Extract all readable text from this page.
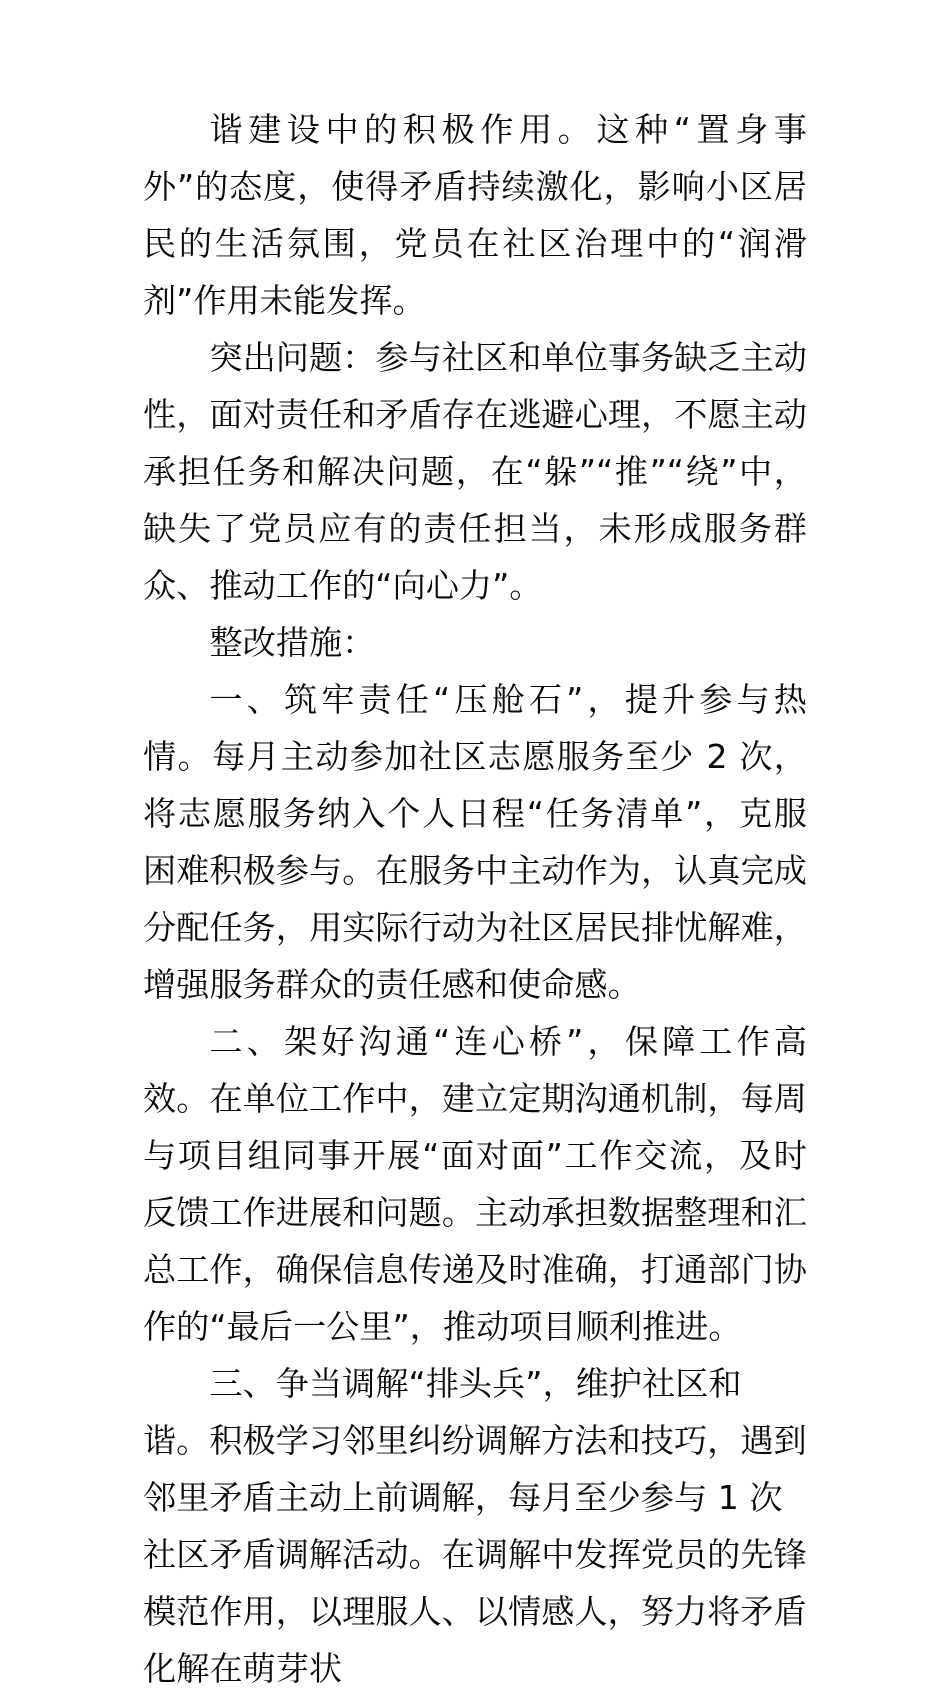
谐建设中的积极作用。这种“置身事外”的态度，使得矛盾持续激化，影响小区居民的生活氛围，党员在社区治理中的“润滑剂”作用未能发挥。

突出问题：参与社区和单位事务缺乏主动性，面对责任和矛盾存在逃避心理，不愿主动承担任务和解决问题，在“躲”“推”“绕”中，缺失了党员应有的责任担当，未形成服务群众、推动工作的“向心力”。

整改措施：

一、筑牢责任“压舱石”，提升参与热情。每月主动参加社区志愿服务至少 2 次，将志愿服务纳入个人日程“任务清单”，克服困难积极参与。在服务中主动作为，认真完成分配任务，用实际行动为社区居民排忧解难，增强服务群众的责任感和使命感。

二、架好沟通“连心桥”，保障工作高效。在单位工作中，建立定期沟通机制，每周与项目组同事开展“面对面”工作交流，及时反馈工作进展和问题。主动承担数据整理和汇总工作，确保信息传递及时准确，打通部门协作的“最后一公里”，推动项目顺利推进。

三、争当调解“排头兵”，维护社区和谐。积极学习邻里纠纷调解方法和技巧，遇到邻里矛盾主动上前调解，每月至少参与 1 次社区矛盾调解活动。在调解中发挥党员的先锋模范作用，以理服人、以情感人，努力将矛盾化解在萌芽状
